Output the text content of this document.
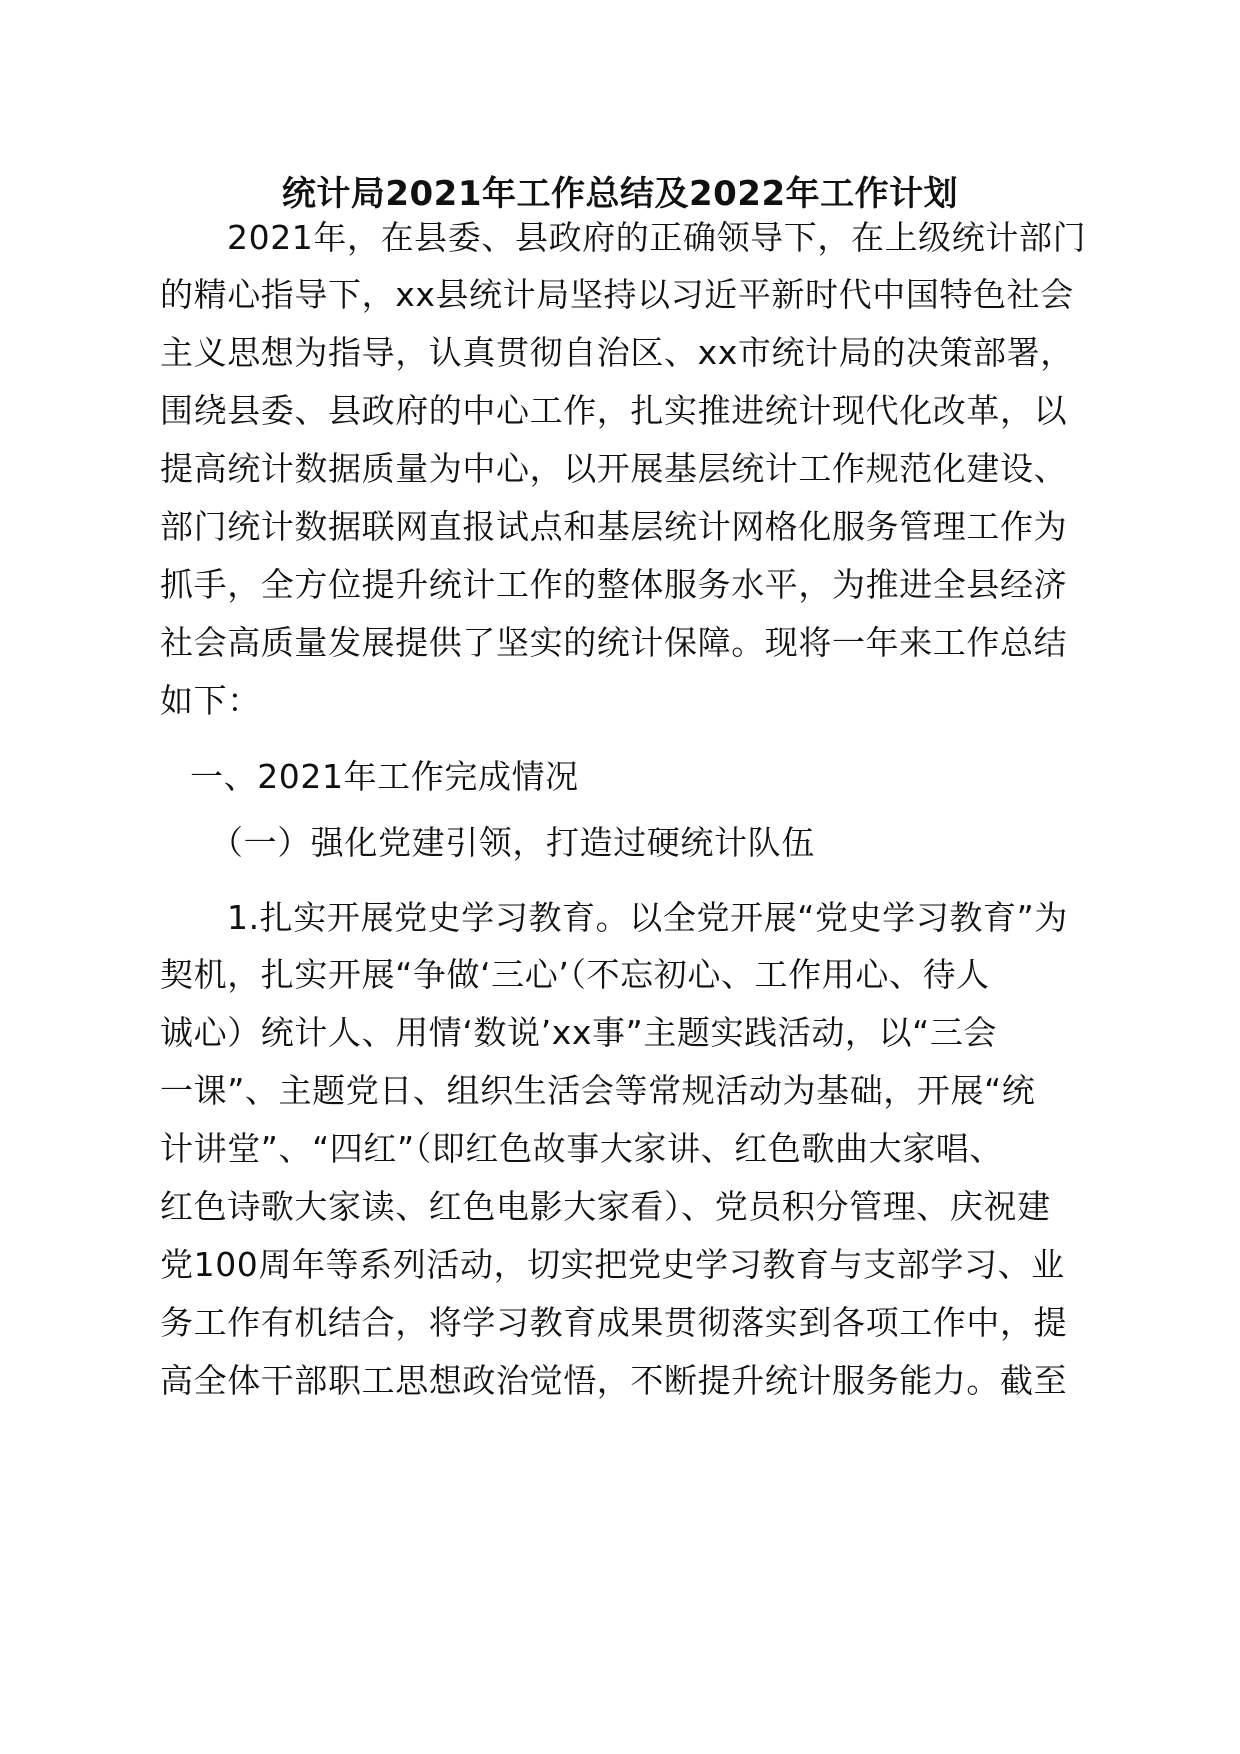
统计局2021年工作总结及2022年工作计划
2021年，在县委、县政府的正确领导下，在上级统计部门
的精心指导下，xx县统计局坚持以习近平新时代中国特色社会
主义思想为指导，认真贯彻自治区、xx市统计局的决策部署，
围绕县委、县政府的中心工作，扎实推进统计现代化改革，以
提高统计数据质量为中心，以开展基层统计工作规范化建设、
部门统计数据联网直报试点和基层统计网格化服务管理工作为
抓手，全方位提升统计工作的整体服务水平，为推进全县经济
社会高质量发展提供了坚实的统计保障。现将一年来工作总结
如下：
一、2021年工作完成情况
（一）强化党建引领，打造过硬统计队伍
1.扎实开展党史学习教育。以全党开展“党史学习教育”为
契机，扎实开展“争做‘三心’（不忘初心、工作用心、待人
诚心）统计人、用情‘数说’xx事”主题实践活动，以“三会
一课”、主题党日、组织生活会等常规活动为基础，开展“统
计讲堂”、“四红”（即红色故事大家讲、红色歌曲大家唱、
红色诗歌大家读、红色电影大家看）、党员积分管理、庆祝建
党100周年等系列活动，切实把党史学习教育与支部学习、业
务工作有机结合，将学习教育成果贯彻落实到各项工作中，提
高全体干部职工思想政治觉悟，不断提升统计服务能力。截至
